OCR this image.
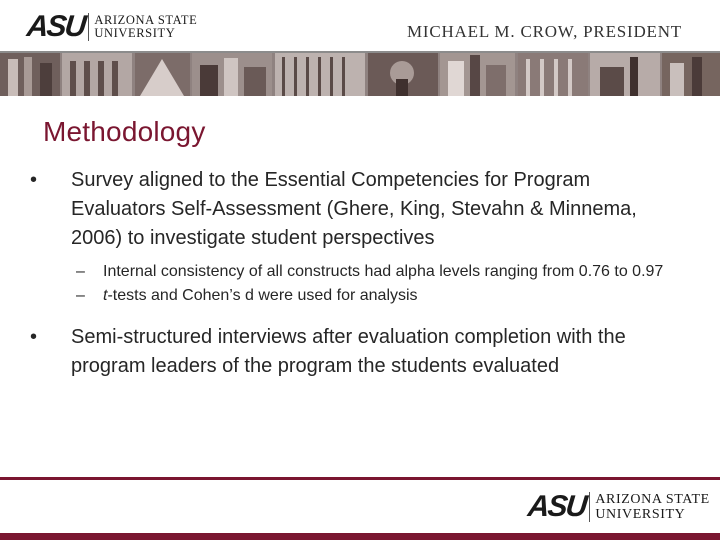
ASU ARIZONA STATE
UNIVERSITY	MICHAEL M. CROW, PRESIDENT
Methodology
• Survey aligned to the Essential Competencies for Program Evaluators Self-Assessment (Ghere, King, Stevahn & Minnema, 2006) to investigate student perspectives
– Internal consistency of all constructs had alpha levels ranging from 0.76 to 0.97
– t-tests and Cohen’s d were used for analysis
• Semi-structured interviews after evaluation completion with the program leaders of the program the students evaluated
ASU ARIZONA STATE
UNIVERSITY
